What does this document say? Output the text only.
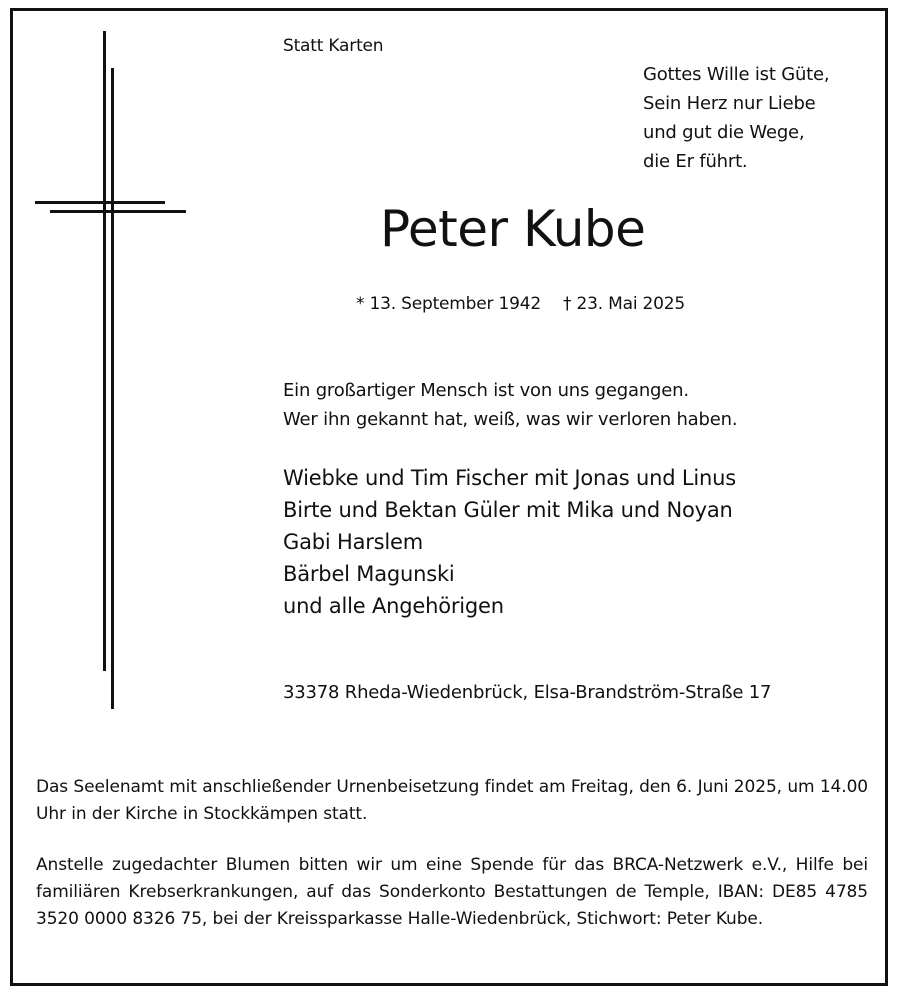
Statt Karten
Gottes Wille ist Güte,
Sein Herz nur Liebe
und gut die Wege,
die Er führt.
Peter Kube
* 13. September 1942 † 23. Mai 2025
Ein großartiger Mensch ist von uns gegangen.
Wer ihn gekannt hat, weiß, was wir verloren haben.
Wiebke und Tim Fischer mit Jonas und Linus
Birte und Bektan Güler mit Mika und Noyan
Gabi Harslem
Bärbel Magunski
und alle Angehörigen
33378 Rheda-Wiedenbrück, Elsa-Brandström-Straße 17
Das Seelenamt mit anschließender Urnenbeisetzung findet am Freitag, den 6. Juni 2025, um 14.00 Uhr in der Kirche in Stockkämpen statt.
Anstelle zugedachter Blumen bitten wir um eine Spende für das BRCA-Netzwerk e.V., Hilfe bei familiären Krebserkrankungen, auf das Sonderkonto Bestattungen de Temple, IBAN: DE85 4785 3520 0000 8326 75, bei der Kreissparkasse Halle-Wiedenbrück, Stichwort: Peter Kube.
